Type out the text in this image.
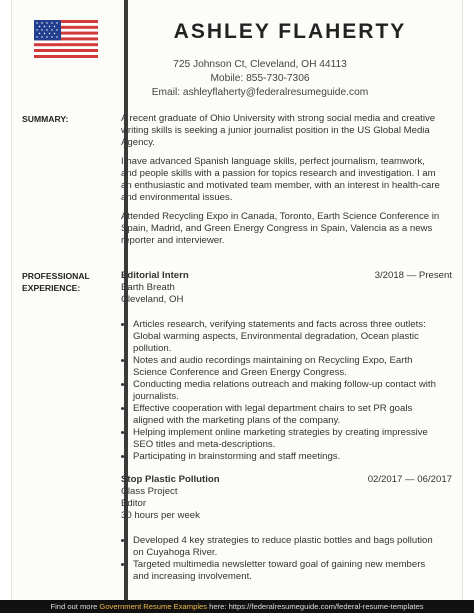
ASHLEY FLAHERTY
725 Johnson Ct, Cleveland, OH 44113
Mobile: 855-730-7306
Email: ashleyflaherty@federalresumeguide.com
SUMMARY:	A recent graduate of Ohio University with strong social media and creative writing skills is seeking a junior journalist position in the US Global Media Agency.

I have advanced Spanish language skills, perfect journalism, teamwork, and people skills with a passion for topics research and investigation. I am an enthusiastic and motivated team member, with an interest in health-care and environmental issues.

Attended Recycling Expo in Canada, Toronto, Earth Science Conference in Spain, Madrid, and Green Energy Congress in Spain, Valencia as a news reporter and interviewer.

PROFESSIONAL
EXPERIENCE:
Editorial Intern	3/2018 — Present
Earth Breath
Cleveland, OH
• Articles research, verifying statements and facts across three outlets: Global warming aspects, Environmental degradation, Ocean plastic pollution.
• Notes and audio recordings maintaining on Recycling Expo, Earth Science Conference and Green Energy Congress.
• Conducting media relations outreach and making follow-up contact with journalists.
• Effective cooperation with legal department chairs to set PR goals aligned with the marketing plans of the company.
• Helping implement online marketing strategies by creating impressive SEO titles and meta-descriptions.
• Participating in brainstorming and staff meetings.
Stop Plastic Pollution	02/2017 — 06/2017
Class Project
Editor
30 hours per week
• Developed 4 key strategies to reduce plastic bottles and bags pollution on Cuyahoga River.
• Targeted multimedia newsletter toward goal of gaining new members and increasing involvement.
Find out more Government Resume Examples here: https://federalresumeguide.com/federal-resume-templates
